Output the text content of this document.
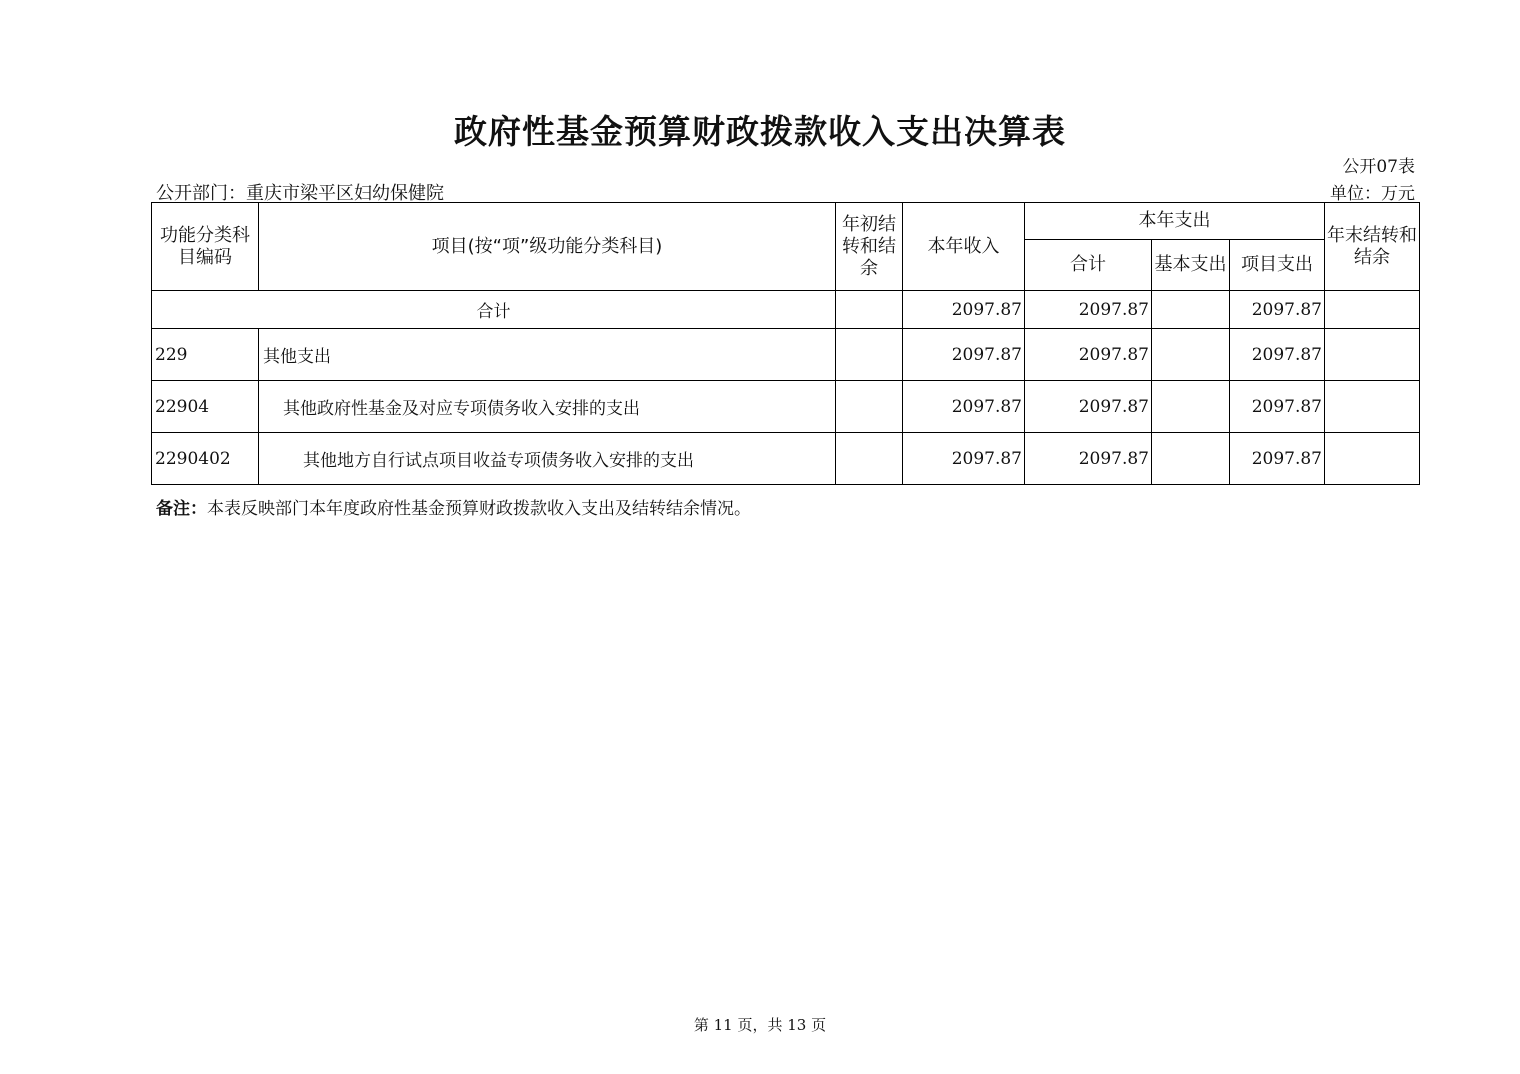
政府性基金预算财政拨款收入支出决算表
公开07表
公开部门：重庆市梁平区妇幼保健院	单位：万元
功能分类科目编码	项目(按“项”级功能分类科目)	年初结转和结余	本年收入	本年支出			年末结转和结余
				合计	基本支出	项目支出	
合计			2097.87	2097.87		2097.87	
229	其他支出		2097.87	2097.87		2097.87	
22904	其他政府性基金及对应专项债务收入安排的支出		2097.87	2097.87		2097.87	
2290402	其他地方自行试点项目收益专项债务收入安排的支出		2097.87	2097.87		2097.87	
备注：本表反映部门本年度政府性基金预算财政拨款收入支出及结转结余情况。
第 11 页，共 13 页
